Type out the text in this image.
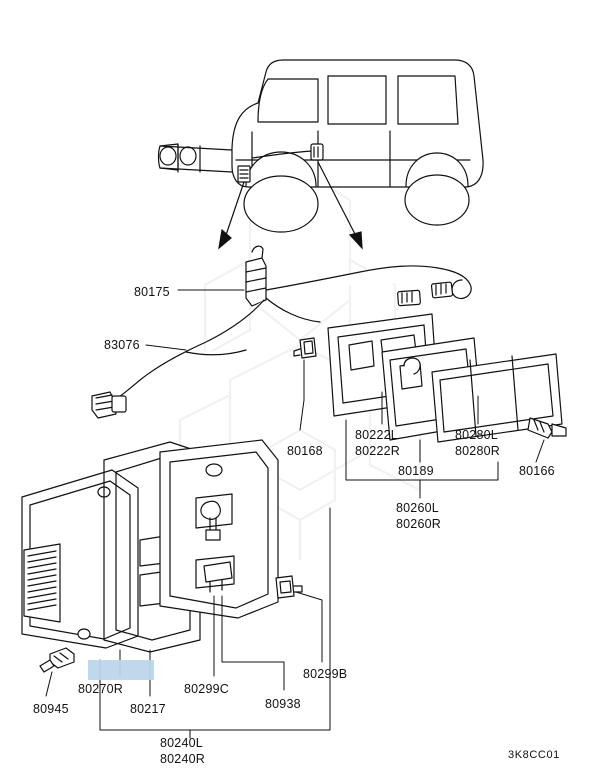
80175
83076
80168
80222L
80222R
80280L
80280R
80189	80166
80260L
80260R
80270R
80945	80217
80299C
80938
80299B
80240L
80240R	3K8CC01
